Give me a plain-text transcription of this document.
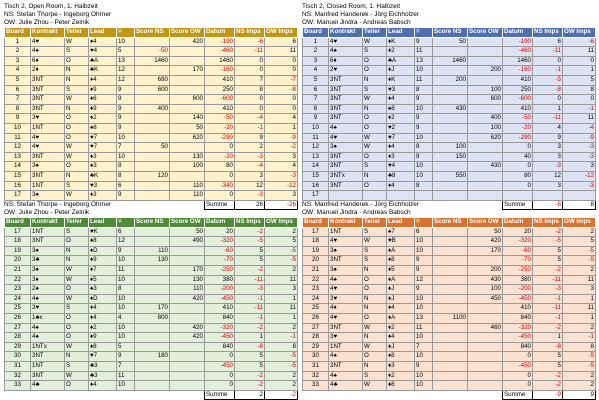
Tisch 2, Open Room, 1. Halbzeit
NS: Stefan Thorpe - Ingeborg Ohrner
OW: Julie Zhou - Peter Zelnik
Board	Kontrakt	Teiler	Lead	=	Score NS	Score OW	Datum	NS Imps	OW Imps
1	4♥	W	♦4	10		420	-190	-6	6
2	4♠	S	♥4	5	-50		-460	-11	11
3	6♦	O	♣A	13	1460		1460	0	0
4	2♦	N	♣K	12		170	-160	0	0
5	3NT	N	♦4	12	680		410	7	-7
6	3NT	S	♦9	9	600		250	8	-8
7	3NT	W	♦6	9		600	-600	0	0
8	3NT	N	♦9	9	400		410	0	0
9	3♥	O	♦2	9		140	-50	-4	4
10	1NT	O	♠8	9		50	-20	-1	1
11	4♥	O	♥7	10		620	-290	9	-9
12	4♥	W	♥7	7	50		0	2	-2
13	3NT	W	♦3	10		130	-20	-3	3
14	3♠	O	♠3	8		100	80	-4	4
15	3NT	N	♣K	8	120		0	3	-3
16	1NT	S	♥3	6		110	-340	12	-12
17	3♠	W	♦3	9		110	0	-3	3
							Summe	26	-26
Tisch 2, Closed Room, 1. Halbzeit
NS: Manfred Handerek - Jörg Eichholzer
OW: Manuel Jindra - Andreas Babsch
Board	Kontrakt	Teiler	Lead	=	Score NS	Score OW	Datum	NS Imps	OW Imps
1	4♥	W	♦K	9	50		-190	6	-6
2	4♠	S	♦2	11			-460	-11	11
3	6♦	O	♣A	13	1460		1460	0	0
4	2♥	O	♦J	10		200	-160	-1	1
5	3NT	N	♦K	11	200		410	-5	5
6	3NT	S	♥3	8		100	250	-8	8
7	3NT	W	♦4	9		600	-600	0	0
8	3NT	N	♠8	10	430		410	1	-1
9	3NT	O	♦2	9		400	-50	-11	11
10	4♠	O	♥2	9		100	-20	4	-4
11	4♥	W	♥7	10		620	-290	9	-9
12	3♠	W	♦4	8	100		0	3	-3
13	3NT	O	♦3	9	150		40	3	-3
14	3NT	S	♥4	10		430	0	-3	3
15	3NTx	N	♣8	10	550		80	12	-12
16	3NT	O	♦4	8			0	3	-3
17									
							Summe	-8	8
NS: Stefan Thorpe - Ingeborg Ohrner
OW: Julie Zhou - Peter Zelnik
Board	Kontrakt	Teiler	Lead	=	Score NS	Score OW	Datum	NS Imps	OW Imps
17	1NT	S	♥K	6		50	20	-2	2
18	3NT	O	♦8	12		490	-320	-5	5
19	3♠	N	♦D	9	110		-60	5	-5
20	3♣	N	♦9	10	130		-70	5	-5
21	3♠	W	♦7	11		170	-250	-2	2
22	3♦	W	♦5	10		130	380	-11	11
23	2♠	O	♠3	8		110	-200	-3	3
24	4♠	W	♦D	10		420	-450	-1	1
25	3♥	S	♦4	10	170		410	-11	11
26	1♣x	O	♦4	4	800		840	-1	1
27	4♠	O	♦2	10		420	-320	-2	2
28	4♠	O	♦9	10		420	-450	1	-1
29	1NTx	W	♦8	5			840	-8	8
30	3NT	N	♥7	9	180		0	5	-5
31	1NT	S	♣3	7			-450	5	-5
32	3NT	W	♣3	11			0	-2	2
33	4♣	O	♦4	10			0	-2	2
							Summe	2	-2
NS: Manfred Handerek - Jörg Eichholzer
OW: Manuel Jindra - Andreas Babsch
Board	Kontrakt	Teiler	Lead	=	Score NS	Score OW	Datum	NS Imps	OW Imps
17	1NT	S	♠7	6		50	20	-2	2
18	4♥	W	♥B	10		420	-320	-5	5
19	3♠	S	♦A	10		170	-60	5	-5
20	3NT	S	♦8	9			-70	5	-5
21	3♠	N	♦5	9		200	-250	-2	2
22	4♠	O	♦A	12		430	380	-11	11
23	4♥	O	♦J	9		100	-200	-3	3
24	3♥	N	♦J	10		450	-450	-1	1
25	4♦	N	♦4	10			410	-11	11
26	4♥	O	♦A	13	1100		840	-1	1
27	3NT	W	♦2	11		460	-320	-2	2
28	3♥	N	♦4	10			-450	1	-1
29	1NT	W	♦J	7			840	-8	8
30	4♠	O	♦8	10			0	5	-5
31	3NT	N	♦3	9			-450	5	-5
32	4♠	S	♦2	10			0	-2	2
33	4♣	W	♦8	10			0	-2	2
							Summe	-9	9
